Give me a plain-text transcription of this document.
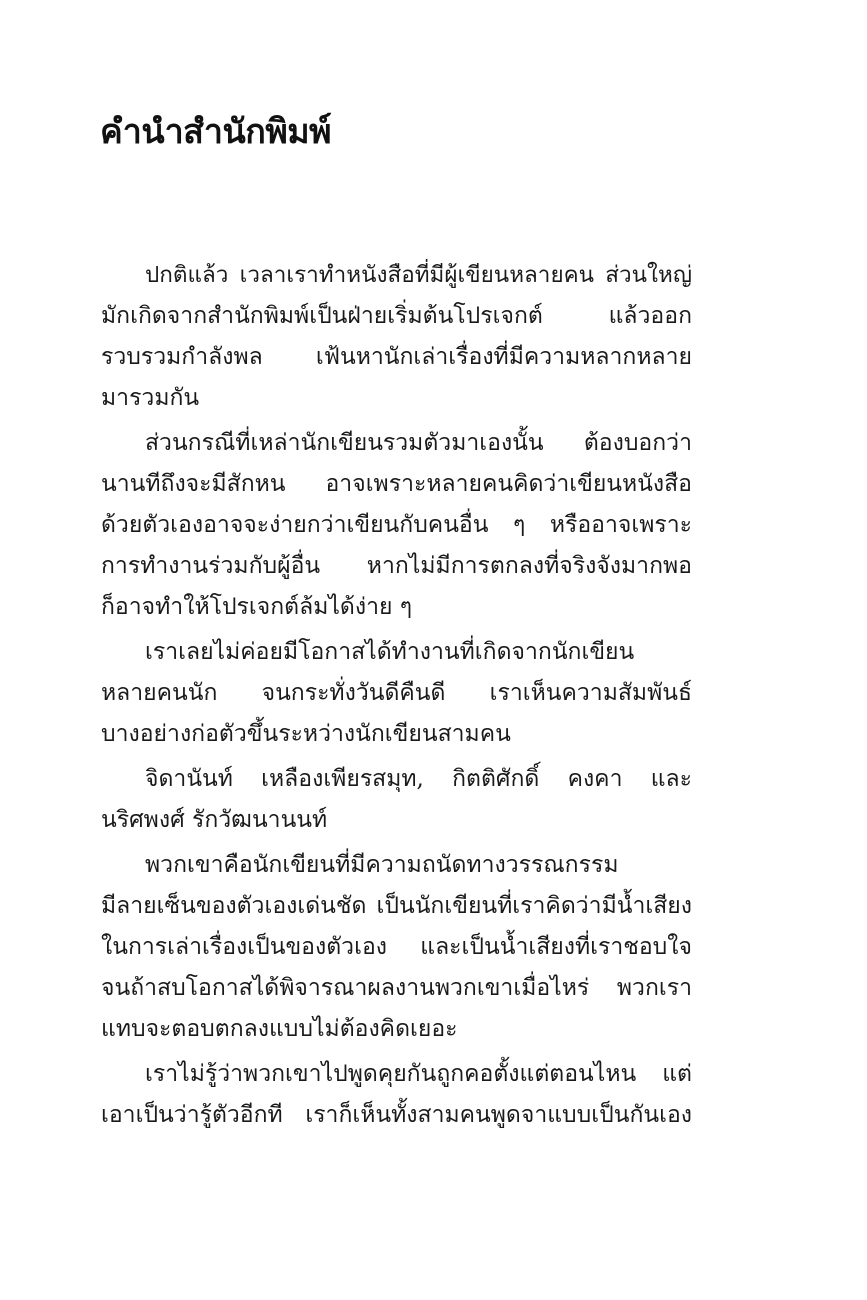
คำนำสำนักพิมพ์
ปกติแล้ว เวลาเราทำหนังสือที่มีผู้เขียนหลายคน ส่วนใหญ่
มักเกิดจากสำนักพิมพ์เป็นฝ่ายเริ่มต้นโปรเจกต์ แล้วออก
รวบรวมกำลังพล เฟ้นหานักเล่าเรื่องที่มีความหลากหลาย
มารวมกัน
ส่วนกรณีที่เหล่านักเขียนรวมตัวมาเองนั้น ต้องบอกว่า
นานทีถึงจะมีสักหน อาจเพราะหลายคนคิดว่าเขียนหนังสือ
ด้วยตัวเองอาจจะง่ายกว่าเขียนกับคนอื่น ๆ หรืออาจเพราะ
การทำงานร่วมกับผู้อื่น หากไม่มีการตกลงที่จริงจังมากพอ
ก็อาจทำให้โปรเจกต์ล้มได้ง่าย ๆ
เราเลยไม่ค่อยมีโอกาสได้ทำงานที่เกิดจากนักเขียน
หลายคนนัก จนกระทั่งวันดีคืนดี เราเห็นความสัมพันธ์
บางอย่างก่อตัวขึ้นระหว่างนักเขียนสามคน
จิดานันท์ เหลืองเพียรสมุท, กิตติศักดิ์ คงคา และ
นริศพงศ์ รักวัฒนานนท์
พวกเขาคือนักเขียนที่มีความถนัดทางวรรณกรรม
มีลายเซ็นของตัวเองเด่นชัด เป็นนักเขียนที่เราคิดว่ามีน้ำเสียง
ในการเล่าเรื่องเป็นของตัวเอง และเป็นน้ำเสียงที่เราชอบใจ
จนถ้าสบโอกาสได้พิจารณาผลงานพวกเขาเมื่อไหร่ พวกเรา
แทบจะตอบตกลงแบบไม่ต้องคิดเยอะ
เราไม่รู้ว่าพวกเขาไปพูดคุยกันถูกคอตั้งแต่ตอนไหน แต่
เอาเป็นว่ารู้ตัวอีกที เราก็เห็นทั้งสามคนพูดจาแบบเป็นกันเอง
